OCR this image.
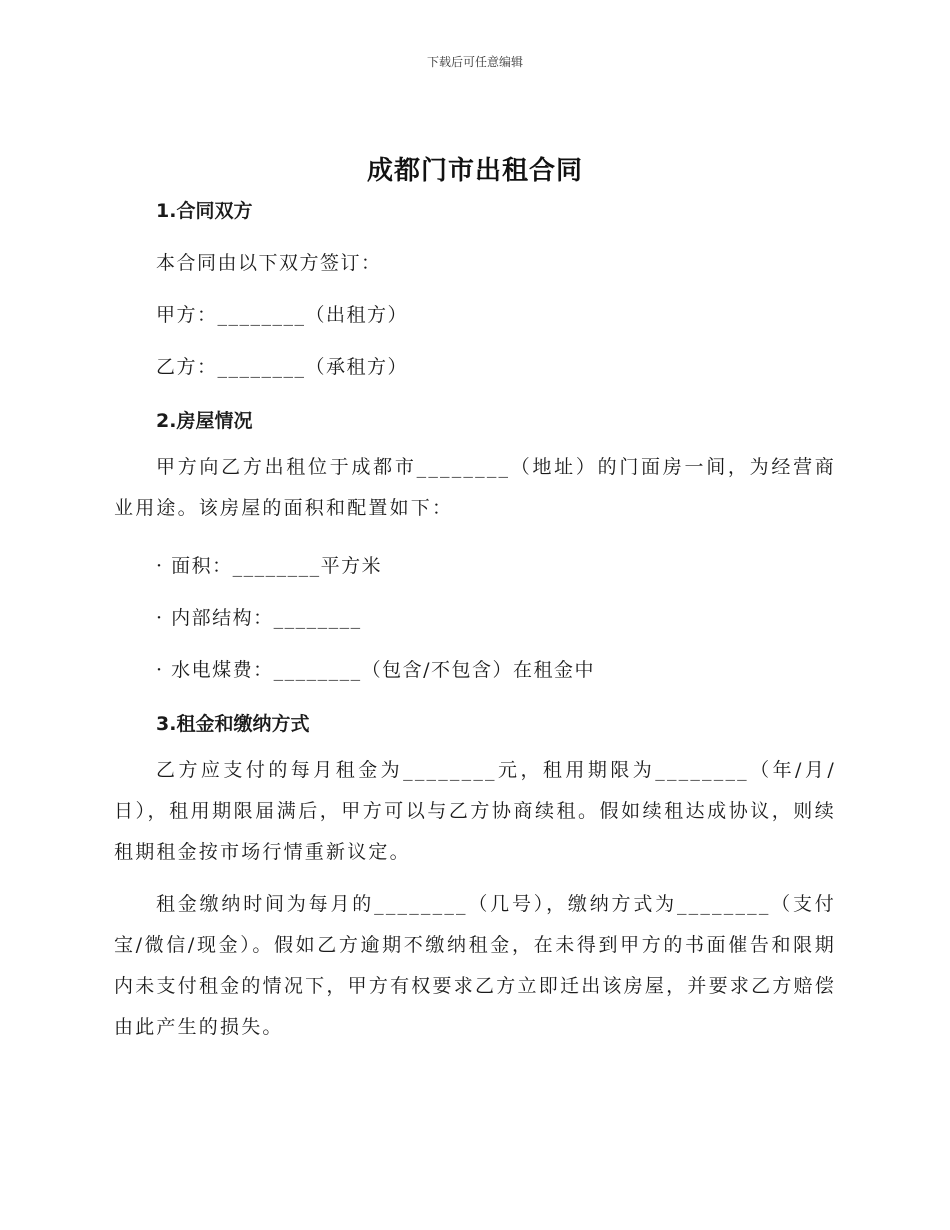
下载后可任意编辑
成都门市出租合同
1.合同双方
本合同由以下双方签订：
甲方：________（出租方）
乙方：________（承租方）
2.房屋情况

甲方向乙方出租位于成都市________（地址）的门面房一间，为经营商业用途。该房屋的面积和配置如下：

· 面积：________平方米
· 内部结构：________
· 水电煤费：________（包含/不包含）在租金中
3.租金和缴纳方式

乙方应支付的每月租金为________元，租用期限为________（年/月/日），租用期限届满后，甲方可以与乙方协商续租。假如续租达成协议，则续租期租金按市场行情重新议定。

租金缴纳时间为每月的________（几号），缴纳方式为________（支付宝/微信/现金）。假如乙方逾期不缴纳租金，在未得到甲方的书面催告和限期内未支付租金的情况下，甲方有权要求乙方立即迁出该房屋，并要求乙方赔偿由此产生的损失。
